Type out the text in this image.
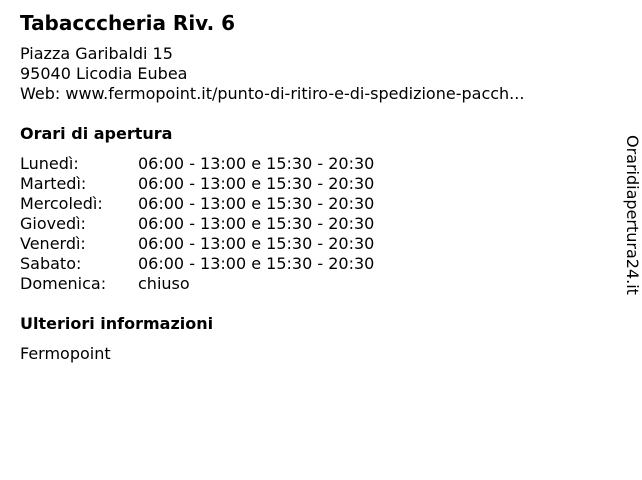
Tabacccheria Riv. 6
Piazza Garibaldi 15
95040 Licodia Eubea
Web: www.fermopoint.it/punto-di-ritiro-e-di-spedizione-pacch...
Orari di apertura
Lunedì:	06:00 - 13:00 e 15:30 - 20:30
Martedì:	06:00 - 13:00 e 15:30 - 20:30
Mercoledì: 06:00 - 13:00 e 15:30 - 20:30
Giovedì:	06:00 - 13:00 e 15:30 - 20:30
Venerdì:	06:00 - 13:00 e 15:30 - 20:30
Sabato:	06:00 - 13:00 e 15:30 - 20:30
Domenica: chiuso
Ulteriori informazioni
Fermopoint
Oraridiapertura24.it
